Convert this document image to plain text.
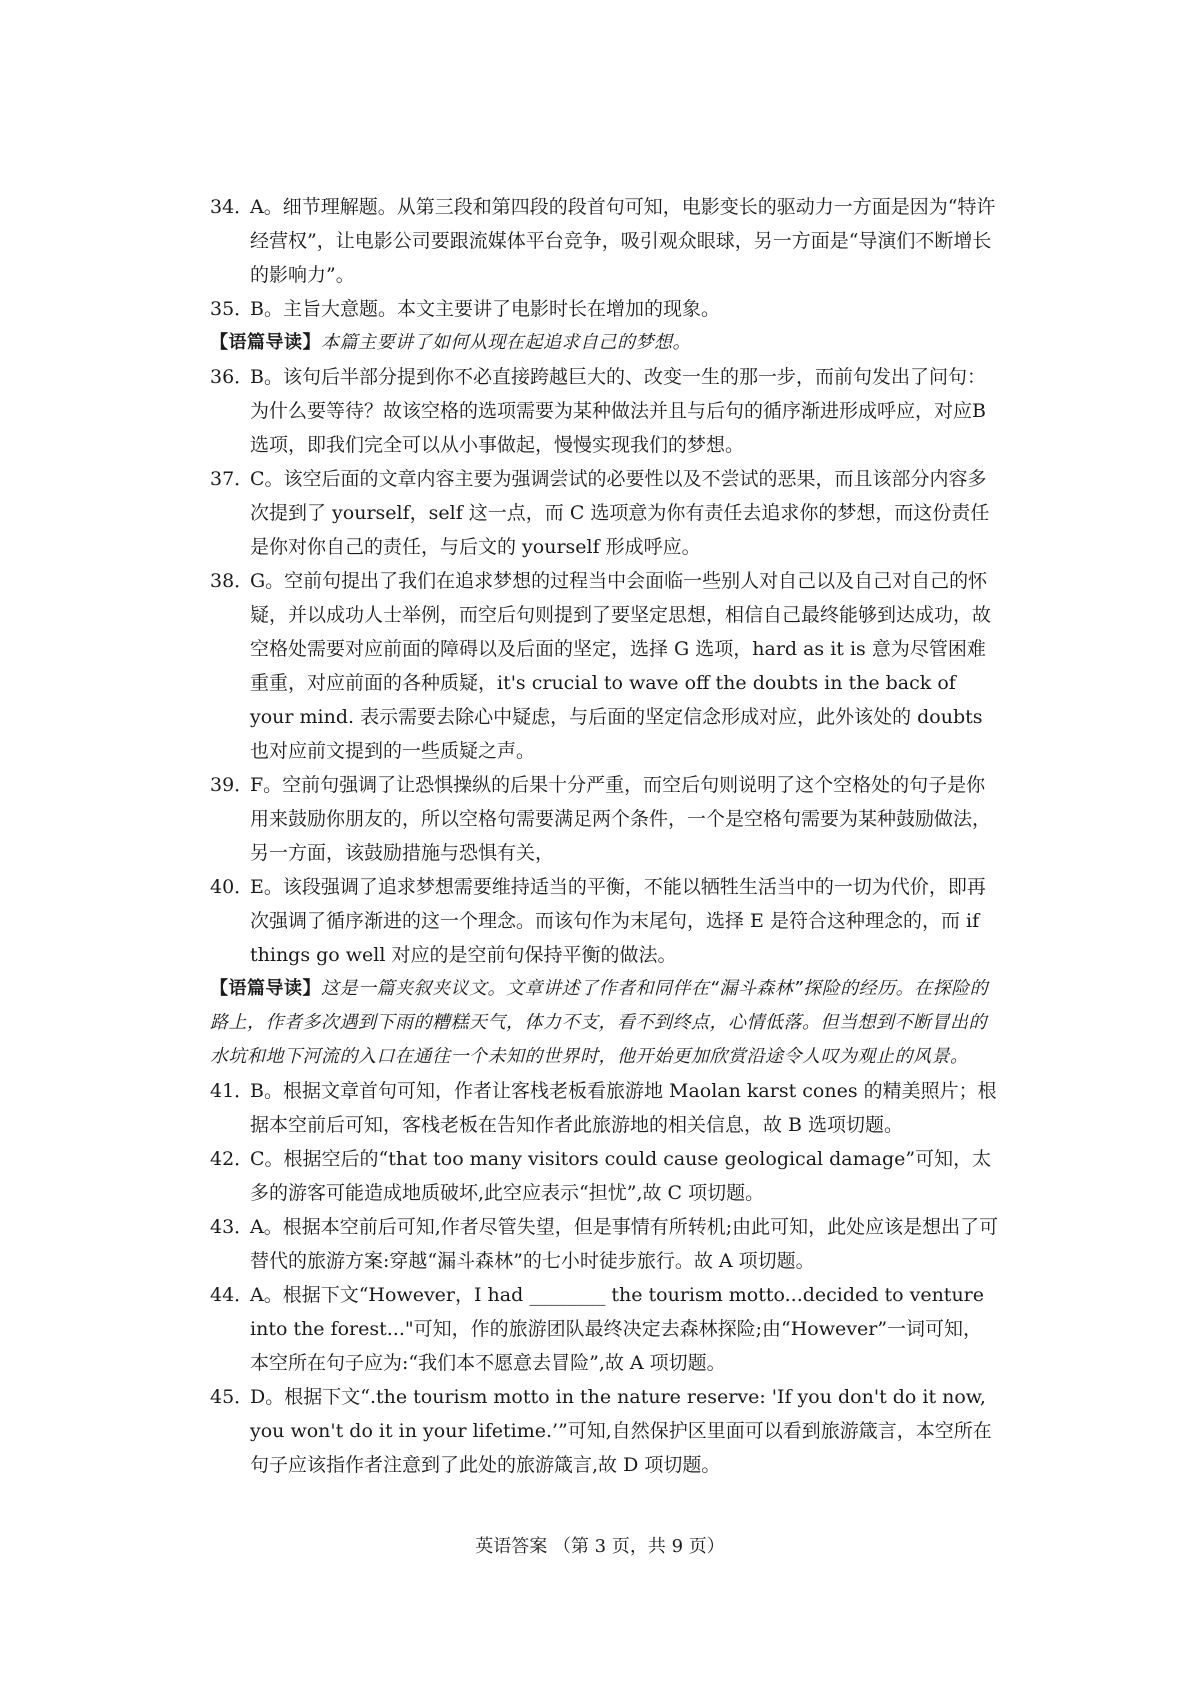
34．
A。细节理解题。从第三段和第四段的段首句可知，电影变长的驱动力一方面是因为“特许经营权”，让电影公司要跟流媒体平台竞争，吸引观众眼球，另一方面是“导演们不断增长的影响力”。

35．
B。主旨大意题。本文主要讲了电影时长在增加的现象。

【语篇导读】本篇主要讲了如何从现在起追求自己的梦想。

36．
B。该句后半部分提到你不必直接跨越巨大的、改变一生的那一步，而前句发出了问句：为什么要等待？故该空格的选项需要为某种做法并且与后句的循序渐进形成呼应，对应B选项，即我们完全可以从小事做起，慢慢实现我们的梦想。

37．
C。该空后面的文章内容主要为强调尝试的必要性以及不尝试的恶果，而且该部分内容多次提到了 yourself，self 这一点，而 C 选项意为你有责任去追求你的梦想，而这份责任是你对你自己的责任，与后文的 yourself 形成呼应。

38．
G。空前句提出了我们在追求梦想的过程当中会面临一些别人对自己以及自己对自己的怀疑，并以成功人士举例，而空后句则提到了要坚定思想，相信自己最终能够到达成功，故空格处需要对应前面的障碍以及后面的坚定，选择 G 选项，hard as it is 意为尽管困难重重，对应前面的各种质疑，it's crucial to wave off the doubts in the back of your mind. 表示需要去除心中疑虑，与后面的坚定信念形成对应，此外该处的 doubts 也对应前文提到的一些质疑之声。

39．
F。空前句强调了让恐惧操纵的后果十分严重，而空后句则说明了这个空格处的句子是你用来鼓励你朋友的，所以空格句需要满足两个条件，一个是空格句需要为某种鼓励做法，另一方面，该鼓励措施与恐惧有关，

40．
E。该段强调了追求梦想需要维持适当的平衡，不能以牺牲生活当中的一切为代价，即再次强调了循序渐进的这一个理念。而该句作为末尾句，选择 E 是符合这种理念的，而 if things go well 对应的是空前句保持平衡的做法。

【语篇导读】这是一篇夹叙夹议文。文章讲述了作者和同伴在“漏斗森林”探险的经历。在探险的路上，作者多次遇到下雨的糟糕天气，体力不支，看不到终点，心情低落。但当想到不断冒出的水坑和地下河流的入口在通往一个未知的世界时，他开始更加欣赏沿途令人叹为观止的风景。

41．
B。根据文章首句可知，作者让客栈老板看旅游地 Maolan karst cones 的精美照片；根据本空前后可知，客栈老板在告知作者此旅游地的相关信息，故 B 选项切题。

42．
C。根据空后的“that too many visitors could cause geological damage”可知，太多的游客可能造成地质破坏,此空应表示“担忧”,故 C 项切题。

43．
A。根据本空前后可知,作者尽管失望，但是事情有所转机;由此可知，此处应该是想出了可替代的旅游方案:穿越“漏斗森林”的七小时徒步旅行。故 A 项切题。

44．
A。根据下文“However，I had ________ the tourism motto...decided to venture into the forest..."可知，作的旅游团队最终决定去森林探险;由“However”一词可知，本空所在句子应为:“我们本不愿意去冒险”,故 A 项切题。

45．
D。根据下文“.the tourism motto in the nature reserve: 'If you don't do it now, you won't do it in your lifetime.’”可知,自然保护区里面可以看到旅游箴言，本空所在句子应该指作者注意到了此处的旅游箴言,故 D 项切题。

英语答案 （第 3 页，共 9 页）
